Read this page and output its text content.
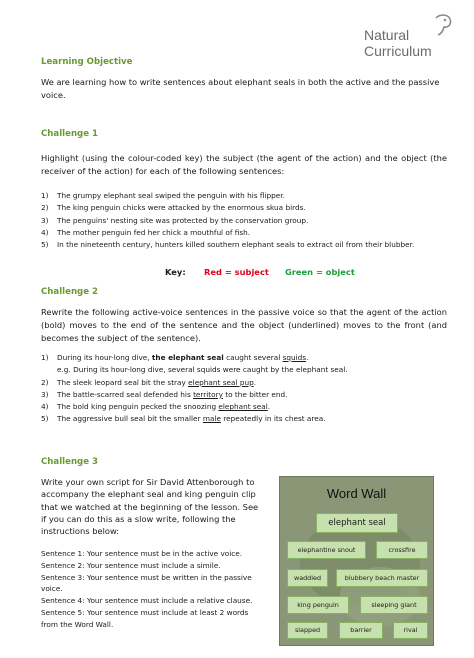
Natural
Curriculum
Learning Objective
We are learning how to write sentences about elephant seals in both the active and the passive voice.
Challenge 1
Highlight (using the colour-coded key) the subject (the agent of the action) and the object (the receiver of the action) for each of the following sentences:
1) The grumpy elephant seal swiped the penguin with his flipper.
2) The king penguin chicks were attacked by the enormous skua birds.
3) The penguins' nesting site was protected by the conservation group.
4) The mother penguin fed her chick a mouthful of fish.
5) In the nineteenth century, hunters killed southern elephant seals to extract oil from their blubber.
Key: Red = subject Green = object
Challenge 2
Rewrite the following active-voice sentences in the passive voice so that the agent of the action (bold) moves to the end of the sentence and the object (underlined) moves to the front (and becomes the subject of the sentence).
1) During its hour-long dive, the elephant seal caught several squids.
e.g. During its hour-long dive, several squids were caught by the elephant seal.
2) The sleek leopard seal bit the stray elephant seal pup.
3) The battle-scarred seal defended his territory to the bitter end.
4) The bold king penguin pecked the snoozing elephant seal.
5) The aggressive bull seal bit the smaller male repeatedly in its chest area.
Challenge 3
Write your own script for Sir David Attenborough to accompany the elephant seal and king penguin clip that we watched at the beginning of the lesson. See if you can do this as a slow write, following the instructions below:
Sentence 1: Your sentence must be in the active voice.
Sentence 2: Your sentence must include a simile.
Sentence 3: Your sentence must be written in the passive voice.
Sentence 4: Your sentence must include a relative clause.
Sentence 5: Your sentence must include at least 2 words from the Word Wall.
Word Wall
elephant seal
elephantine snout	crossfire
waddled	blubbery beach master
king penguin	sleeping giant
slapped	barrier	rival
